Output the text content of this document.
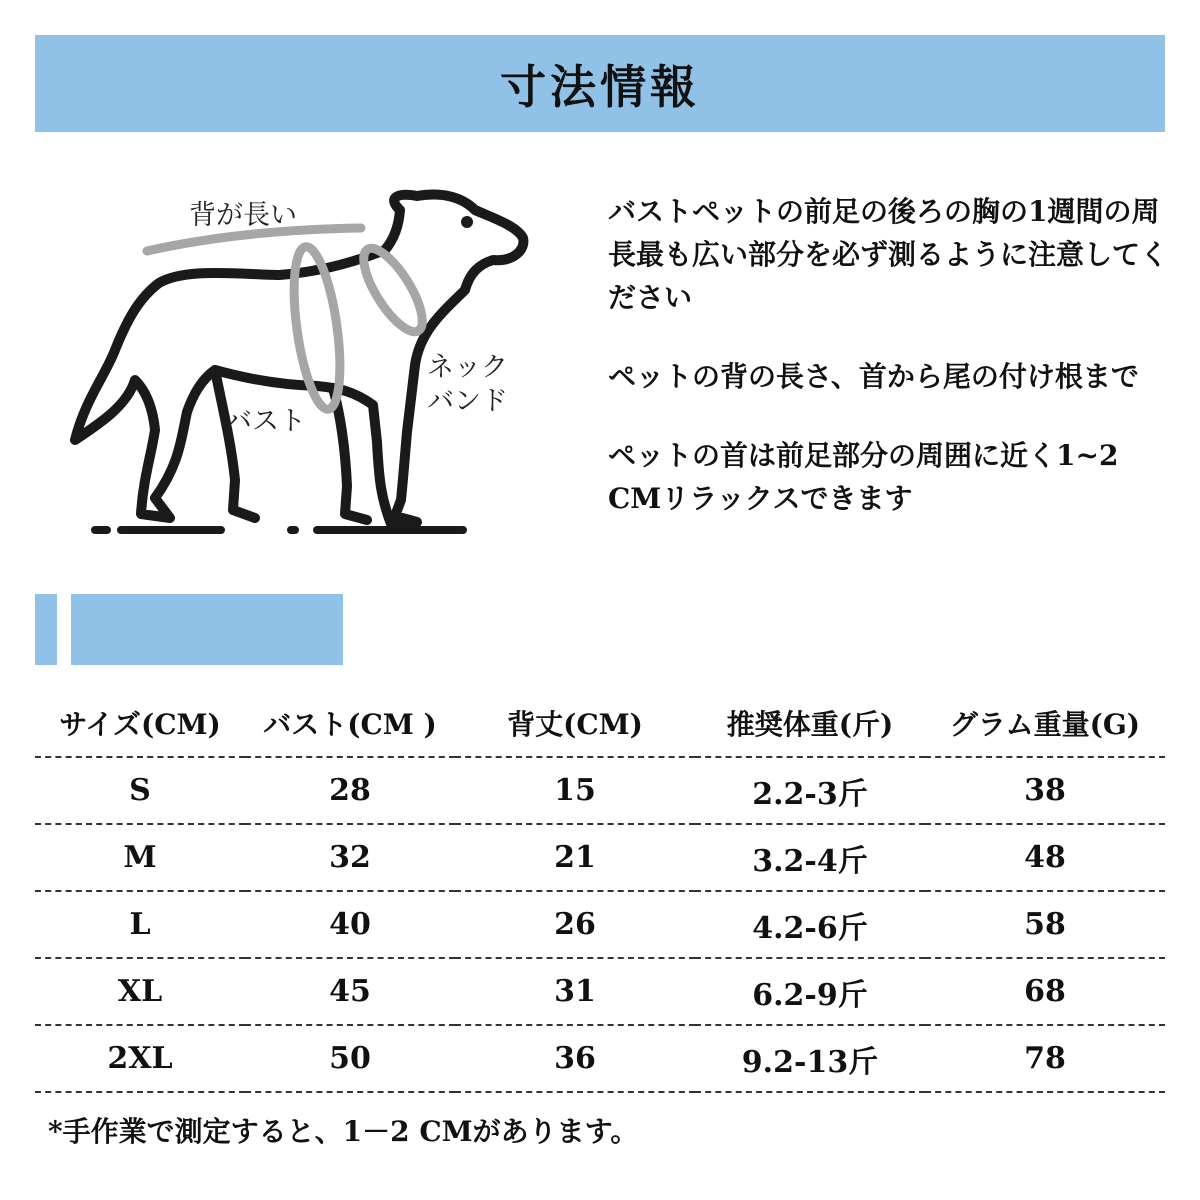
寸法情報
背が長い
ネック
バンド
バスト

バストペットの前足の後ろの胸の1週間の周長最も広い部分を必ず測るように注意してください

ペットの背の長さ、首から尾の付け根まで

ペットの首は前足部分の周囲に近く1~2 CMリラックスできます

サイズ(CM)	バスト(CM )	背丈(CM)	推奨体重(斤)	グラム重量(G)
S	28	15	2.2-3斤	38
M	32	21	3.2-4斤	48
L	40	26	4.2-6斤	58
XL	45	31	6.2-9斤	68
2XL	50	36	9.2-13斤	78
*手作業で測定すると、1－2 CMがあります。
